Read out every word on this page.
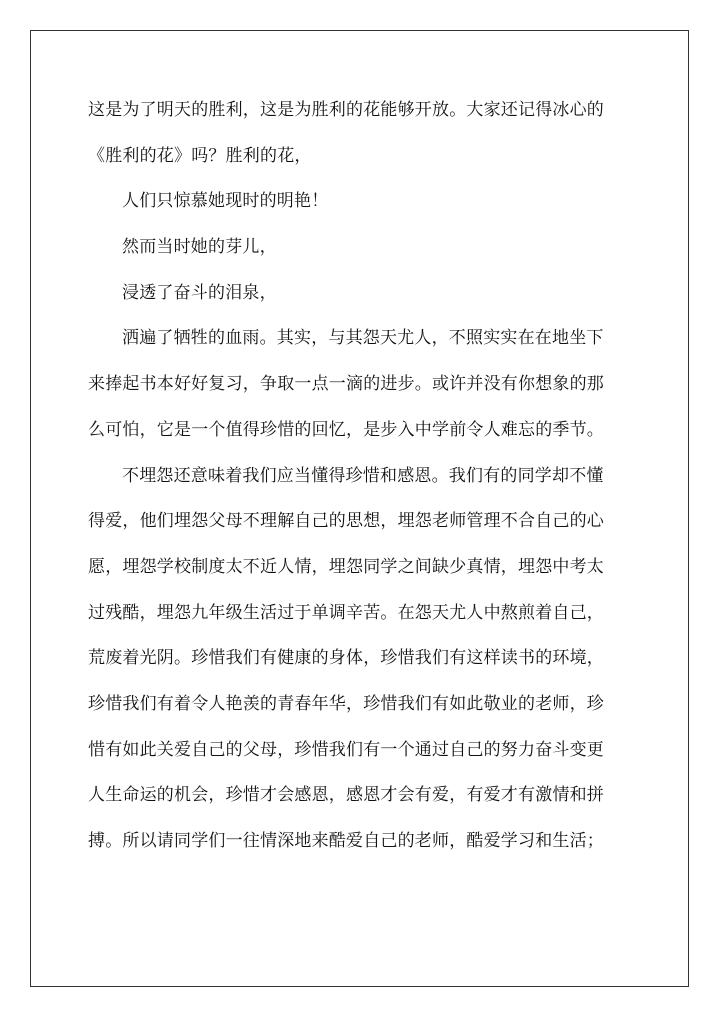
这是为了明天的胜利，这是为胜利的花能够开放。大家还记得冰心的
《胜利的花》吗？胜利的花，
人们只惊慕她现时的明艳！
然而当时她的芽儿，
浸透了奋斗的泪泉，
洒遍了牺牲的血雨。其实，与其怨天尤人，不照实实在在地坐下
来捧起书本好好复习，争取一点一滴的进步。或许并没有你想象的那
么可怕，它是一个值得珍惜的回忆，是步入中学前令人难忘的季节。
不埋怨还意味着我们应当懂得珍惜和感恩。我们有的同学却不懂
得爱，他们埋怨父母不理解自己的思想，埋怨老师管理不合自己的心
愿，埋怨学校制度太不近人情，埋怨同学之间缺少真情，埋怨中考太
过残酷，埋怨九年级生活过于单调辛苦。在怨天尤人中熬煎着自己，
荒废着光阴。珍惜我们有健康的身体，珍惜我们有这样读书的环境，
珍惜我们有着令人艳羡的青春年华，珍惜我们有如此敬业的老师，珍
惜有如此关爱自己的父母，珍惜我们有一个通过自己的努力奋斗变更
人生命运的机会，珍惜才会感恩，感恩才会有爱，有爱才有激情和拼
搏。所以请同学们一往情深地来酷爱自己的老师，酷爱学习和生活；
